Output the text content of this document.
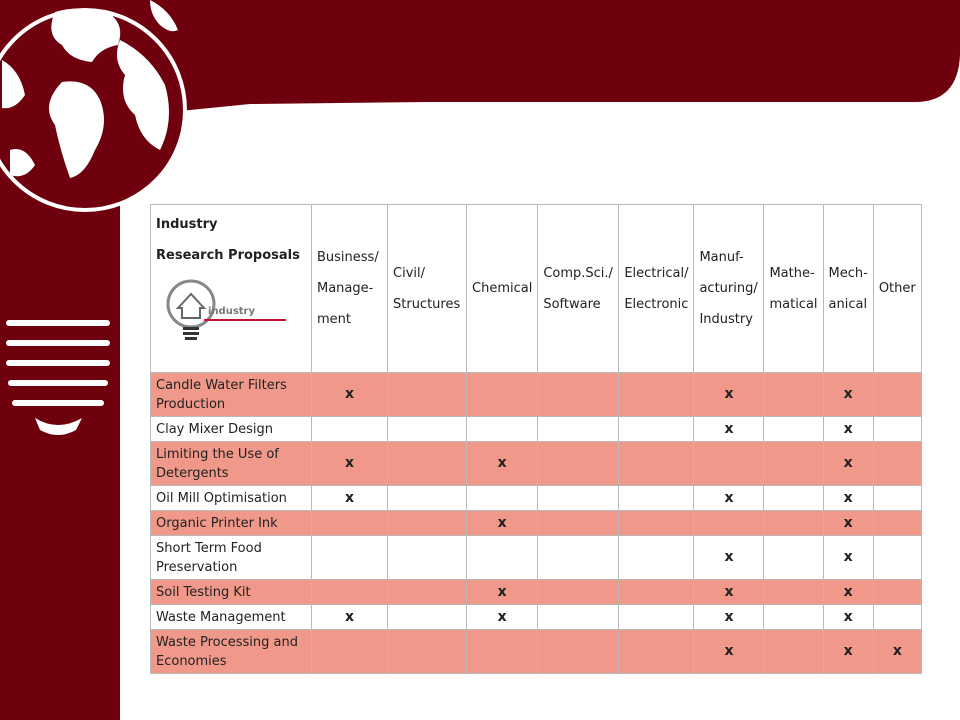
Industry
Research Proposals
industry	Business/ Manage- ment	Civil/ Structures	Chemical	Comp.Sci./ Software	Electrical/ Electronic	Manuf- acturing/ Industry	Mathe- matical	Mech- anical	Other
Candle Water Filters Production	x					x		x	
Clay Mixer Design						x		x	
Limiting the Use of Detergents	x		x					x	
Oil Mill Optimisation	x					x		x	
Organic Printer Ink			x					x	
Short Term Food Preservation						x		x	
Soil Testing Kit			x			x		x	
Waste Management	x		x			x		x	
Waste Processing and Economies						x		x	x
